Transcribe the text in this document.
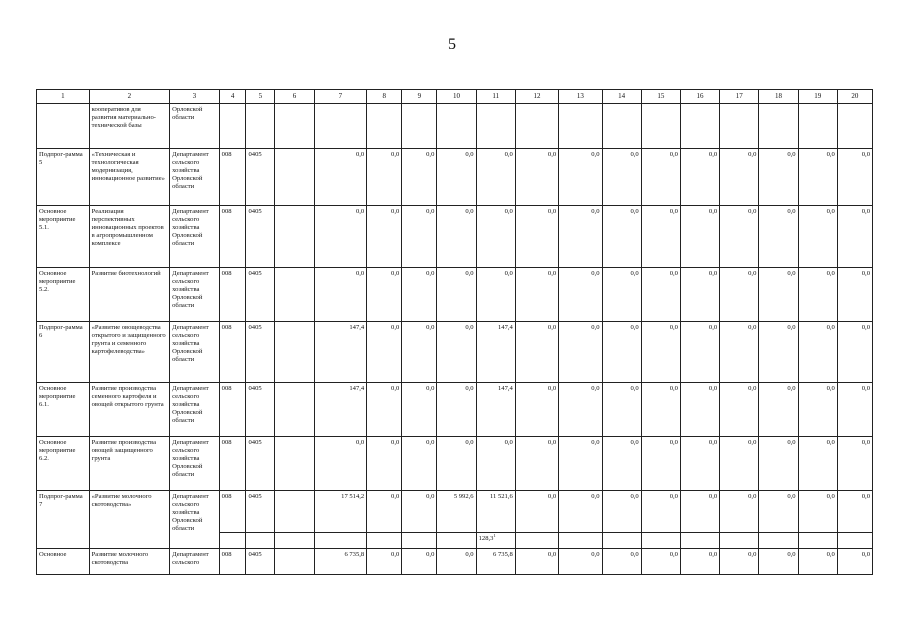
5
1	2	3	4	5	6	7	8	9	10	11	12	13	14	15	16	17	18	19	20
	кооперативов для развития материально-технической базы	Орловской области																	
Подпрог-рамма 5	«Техническая и технологическая модернизация, инновационное развитие»	Департамент сельского хозяйства Орловской области	008	0405		0,0	0,0	0,0	0,0	0,0	0,0	0,0	0,0	0,0	0,0	0,0	0,0	0,0	0,0
Основное мероприятие 5.1.	Реализация перспективных инновационных проектов в агропромышленном комплексе	Департамент сельского хозяйства Орловской области	008	0405		0,0	0,0	0,0	0,0	0,0	0,0	0,0	0,0	0,0	0,0	0,0	0,0	0,0	0,0
Основное мероприятие 5.2.	Развитие биотехнологий	Департамент сельского хозяйства Орловской области	008	0405		0,0	0,0	0,0	0,0	0,0	0,0	0,0	0,0	0,0	0,0	0,0	0,0	0,0	0,0
Подпрог-рамма 6	«Развитие овощеводства открытого и защищенного грунта и семенного картофелеводства»	Департамент сельского хозяйства Орловской области	008	0405		147,4	0,0	0,0	0,0	147,4	0,0	0,0	0,0	0,0	0,0	0,0	0,0	0,0	0,0
Основное мероприятие 6.1.	Развитие производства семенного картофеля и овощей открытого грунта	Департамент сельского хозяйства Орловской области	008	0405		147,4	0,0	0,0	0,0	147,4	0,0	0,0	0,0	0,0	0,0	0,0	0,0	0,0	0,0
Основное мероприятие 6.2.	Развитие производства овощей защищенного грунта	Департамент сельского хозяйства Орловской области	008	0405		0,0	0,0	0,0	0,0	0,0	0,0	0,0	0,0	0,0	0,0	0,0	0,0	0,0	0,0
Подпрог-рамма 7	«Развитие молочного скотоводства»	Департамент сельского хозяйства Орловской области	008	0405		17 514,2	0,0	0,0	5 992,6	11 521,6	0,0	0,0	0,0	0,0	0,0	0,0	0,0	0,0	0,0
										128,3$^1$									
Основное	Развитие молочного скотоводства	Департамент сельского	008	0405		6 735,8	0,0	0,0	0,0	6 735,8	0,0	0,0	0,0	0,0	0,0	0,0	0,0	0,0	0,0
